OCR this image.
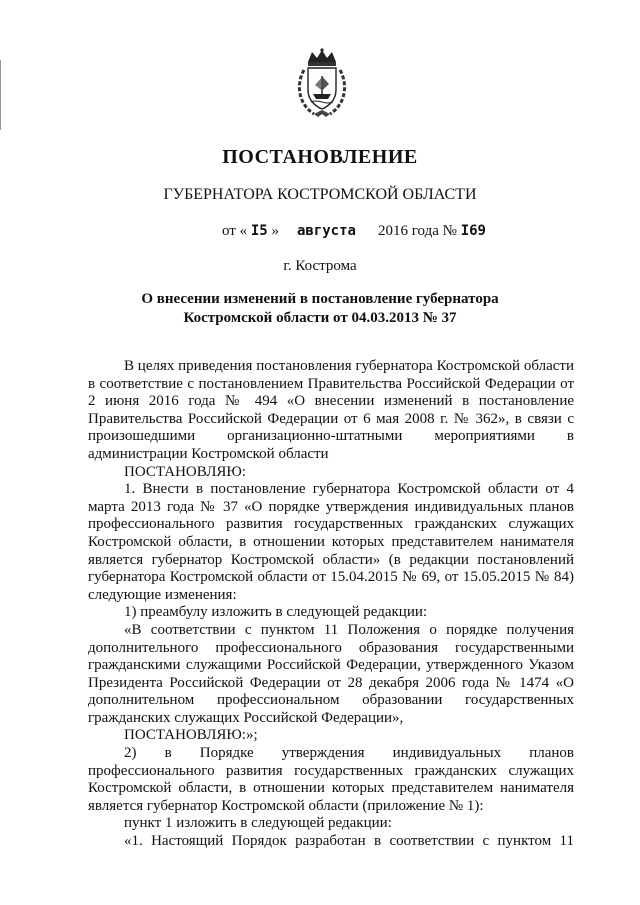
ПОСТАНОВЛЕНИЕ
ГУБЕРНАТОРА КОСТРОМСКОЙ ОБЛАСТИ
от « I5 » августа 2016 года № I69
г. Кострома
О внесении изменений в постановление губернатора
Костромской области от 04.03.2013 № 37

В целях приведения постановления губернатора Костромской области в соответствие с постановлением Правительства Российской Федерации от 2 июня 2016 года № 494 «О внесении изменений в постановление Правительства Российской Федерации от 6 мая 2008 г. № 362», в связи с произошедшими организационно-штатными мероприятиями в администрации Костромской области

ПОСТАНОВЛЯЮ:

1. Внести в постановление губернатора Костромской области от 4 марта 2013 года № 37 «О порядке утверждения индивидуальных планов профессионального развития государственных гражданских служащих Костромской области, в отношении которых представителем нанимателя является губернатор Костромской области» (в редакции постановлений губернатора Костромской области от 15.04.2015 № 69, от 15.05.2015 № 84) следующие изменения:

1) преамбулу изложить в следующей редакции:

«В соответствии с пунктом 11 Положения о порядке получения дополнительного профессионального образования государственными гражданскими служащими Российской Федерации, утвержденного Указом Президента Российской Федерации от 28 декабря 2006 года № 1474 «О дополнительном профессиональном образовании государственных гражданских служащих Российской Федерации»,

ПОСТАНОВЛЯЮ:»;

2) в Порядке утверждения индивидуальных планов профессионального развития государственных гражданских служащих Костромской области, в отношении которых представителем нанимателя является губернатор Костромской области (приложение № 1):

пункт 1 изложить в следующей редакции:

«1. Настоящий Порядок разработан в соответствии с пунктом 11
